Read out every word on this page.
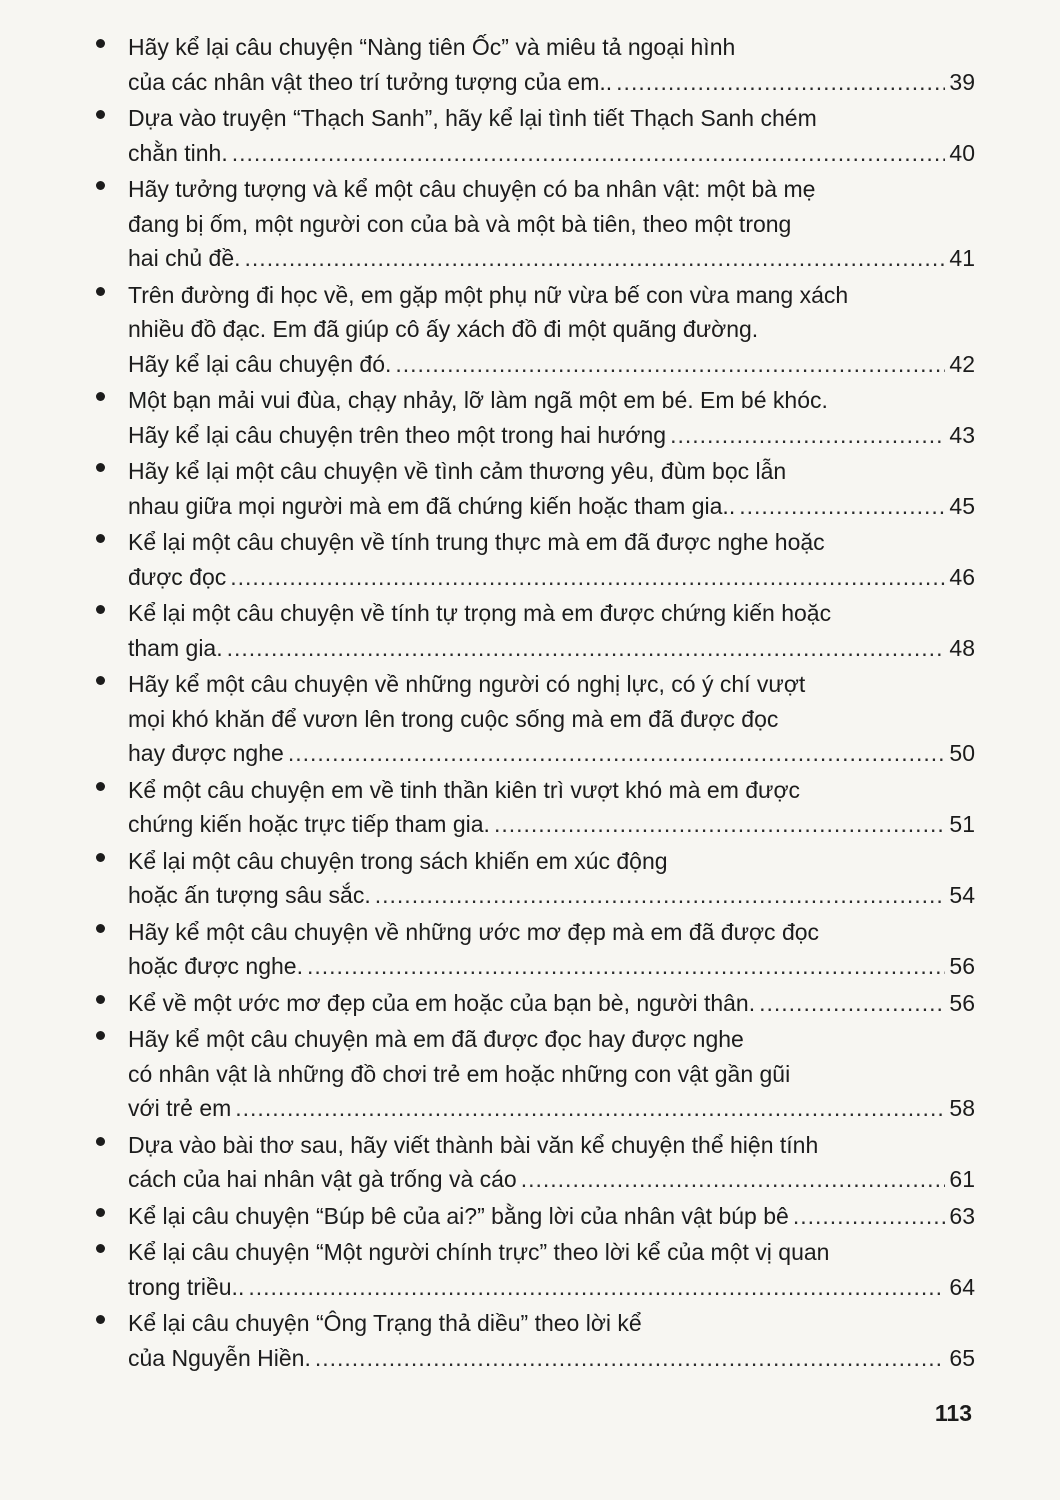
Hãy kể lại câu chuyện “Nàng tiên Ốc” và miêu tả ngoại hình
của các nhân vật theo trí tưởng tượng của em.. .....	39
Dựa vào truyện “Thạch Sanh”, hãy kể lại tình tiết Thạch Sanh chém
chằn tinh. .....	40
Hãy tưởng tượng và kể một câu chuyện có ba nhân vật: một bà mẹ
đang bị ốm, một người con của bà và một bà tiên, theo một trong
hai chủ đề. .....	41
Trên đường đi học về, em gặp một phụ nữ vừa bế con vừa mang xách
nhiều đồ đạc. Em đã giúp cô ấy xách đồ đi một quãng đường.
Hãy kể lại câu chuyện đó. .....	42
Một bạn mải vui đùa, chạy nhảy, lỡ làm ngã một em bé. Em bé khóc.
Hãy kể lại câu chuyện trên theo một trong hai hướng .....	43
Hãy kể lại một câu chuyện về tình cảm thương yêu, đùm bọc lẫn
nhau giữa mọi người mà em đã chứng kiến hoặc tham gia.. .....	45
Kể lại một câu chuyện về tính trung thực mà em đã được nghe hoặc
được đọc .....	46
Kể lại một câu chuyện về tính tự trọng mà em được chứng kiến hoặc
tham gia. .....	48
Hãy kể một câu chuyện về những người có nghị lực, có ý chí vượt
mọi khó khăn để vươn lên trong cuộc sống mà em đã được đọc
hay được nghe .....	50
Kể một câu chuyện em về tinh thần kiên trì vượt khó mà em được
chứng kiến hoặc trực tiếp tham gia. .....	51
Kể lại một câu chuyện trong sách khiến em xúc động
hoặc ấn tượng sâu sắc. .....	54
Hãy kể một câu chuyện về những ước mơ đẹp mà em đã được đọc
hoặc được nghe. .....	56
Kể về một ước mơ đẹp của em hoặc của bạn bè, người thân. .....	56
Hãy kể một câu chuyện mà em đã được đọc hay được nghe
có nhân vật là những đồ chơi trẻ em hoặc những con vật gần gũi
với trẻ em .....	58
Dựa vào bài thơ sau, hãy viết thành bài văn kể chuyện thể hiện tính
cách của hai nhân vật gà trống và cáo .....	61
Kể lại câu chuyện “Búp bê của ai?” bằng lời của nhân vật búp bê .....	63
Kể lại câu chuyện “Một người chính trực” theo lời kể của một vị quan
trong triều.. .....	64
Kể lại câu chuyện “Ông Trạng thả diều” theo lời kể
của Nguyễn Hiền. .....	65
113
